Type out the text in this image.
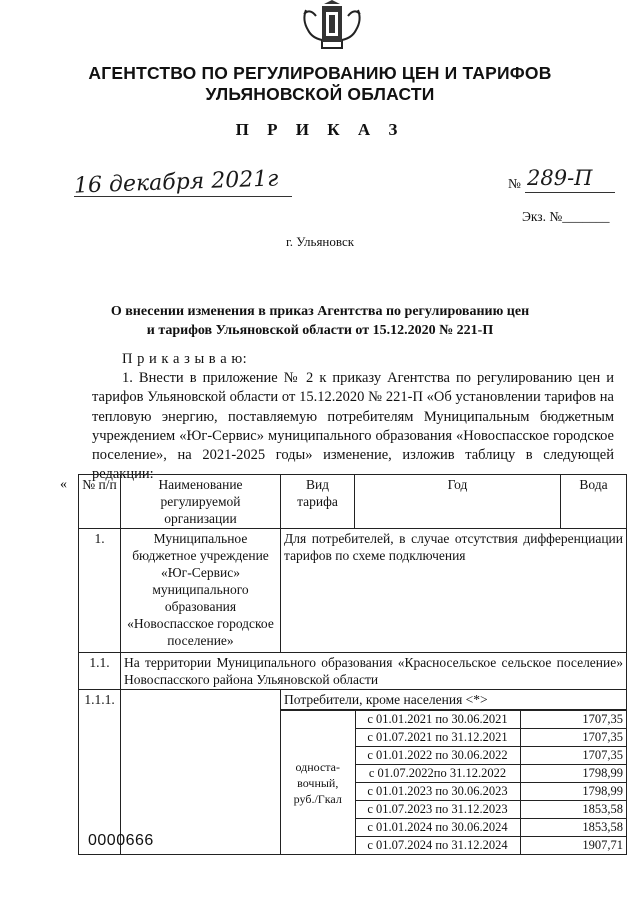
АГЕНТСТВО ПО РЕГУЛИРОВАНИЮ ЦЕН И ТАРИФОВ
УЛЬЯНОВСКОЙ ОБЛАСТИ
П Р И К А З
16 декабря 2021г	№ 289-П
Экз. №_______
г. Ульяновск
О внесении изменения в приказ Агентства по регулированию цен
и тарифов Ульяновской области от 15.12.2020 № 221-П

П р и к а з ы в а ю:

1. Внести в приложение № 2 к приказу Агентства по регулированию цен и тарифов Ульяновской области от 15.12.2020 № 221-П «Об установлении тарифов на тепловую энергию, поставляемую потребителям Муниципальным бюджетным учреждением «Юг-Сервис» муниципального образования «Новоспасское городское поселение», на 2021-2025 годы» изменение, изложив таблицу в следующей редакции:

« № п/п	Наименование регулируемой организации	Вид тарифа	Год	Вода
1.	Муниципальное бюджетное учреждение «Юг-Сервис» муниципального образования «Новоспасское городское поселение»	Для потребителей, в случае отсутствия дифференциации тарифов по схеме подключения
1.1.	На территории Муниципального образования «Красносельское сельское поселение» Новоспасского района Ульяновской области
1.1.1.		Потребители, кроме населения <*>
односта-вочный, руб./Гкал	с 01.01.2021 по 30.06.2021	1707,35
с 01.07.2021 по 31.12.2021	1707,35
с 01.01.2022 по 30.06.2022	1707,35
с 01.07.2022по 31.12.2022	1798,99
с 01.01.2023 по 30.06.2023	1798,99
с 01.07.2023 по 31.12.2023	1853,58
с 01.01.2024 по 30.06.2024	1853,58
с 01.07.2024 по 31.12.2024	1907,71
0000666
